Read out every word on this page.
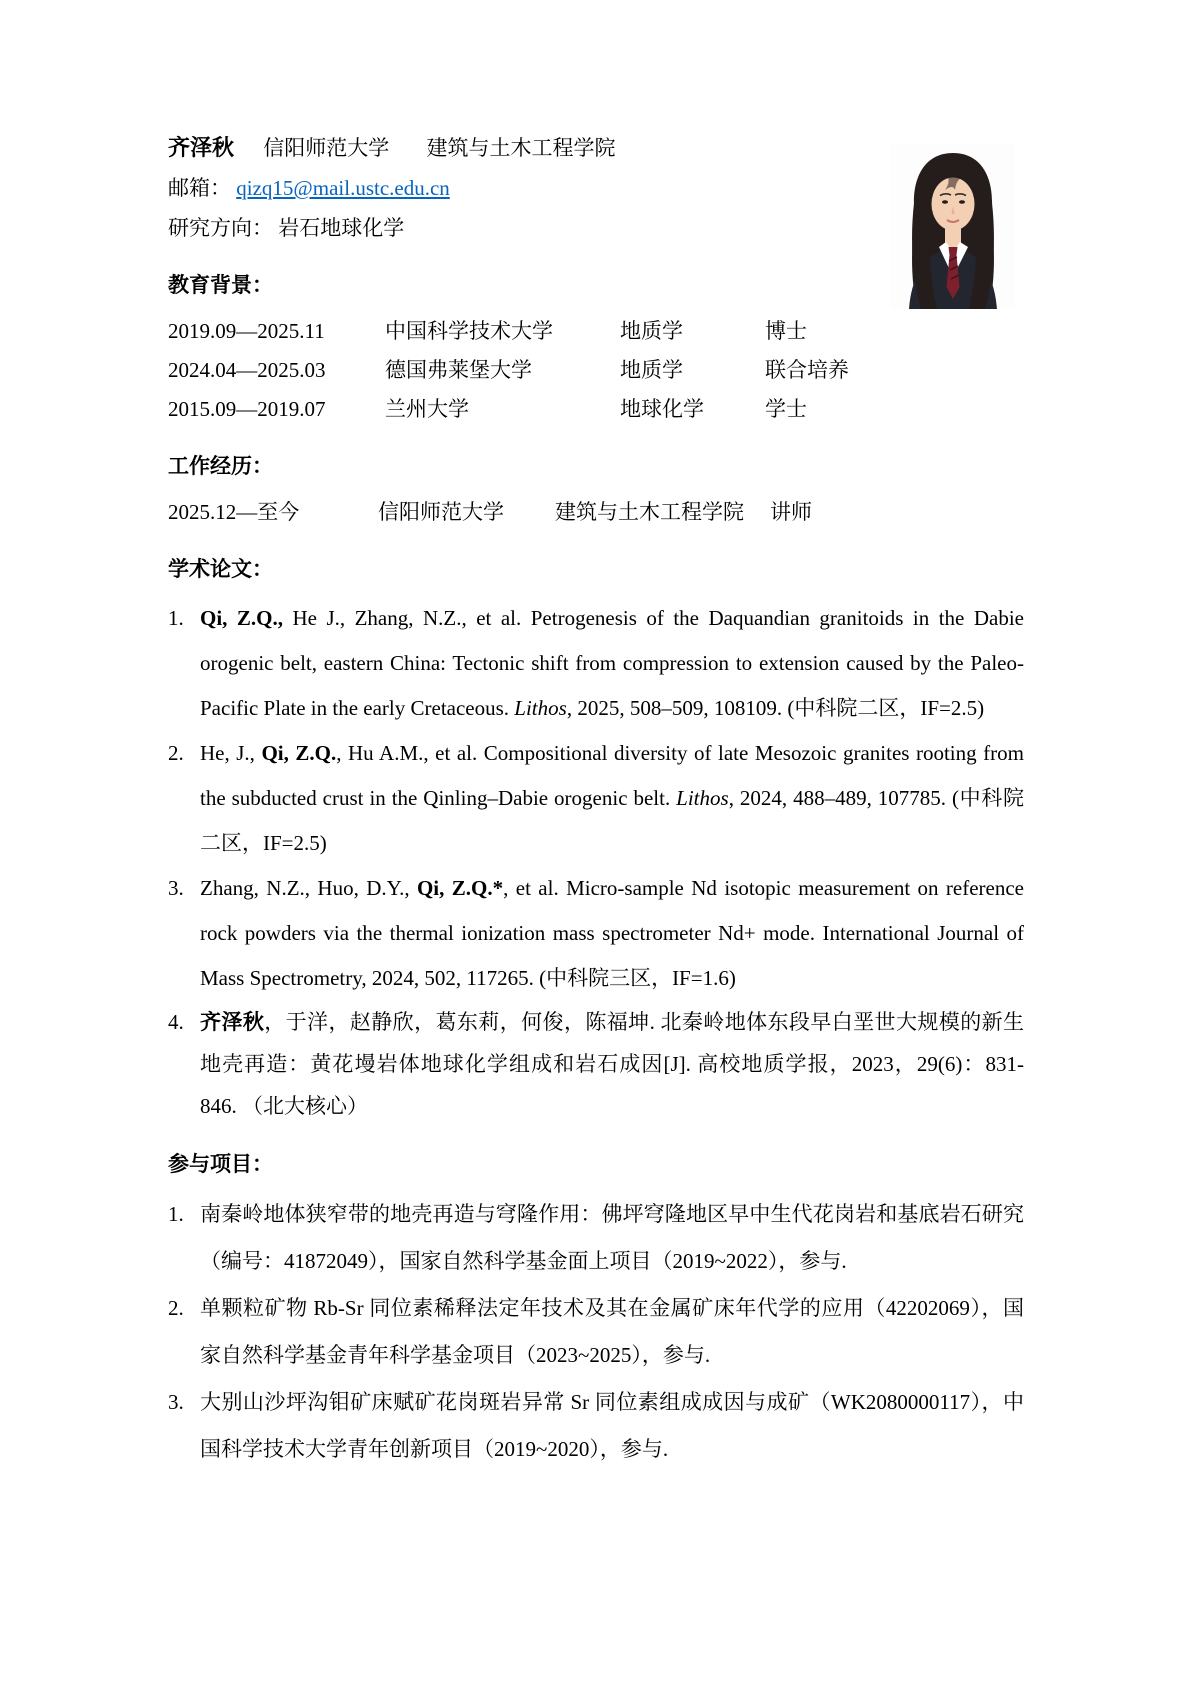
齐泽秋 信阳师范大学 建筑与土木工程学院

邮箱： qizq15@mail.ustc.edu.cn

研究方向： 岩石地球化学

教育背景：
2019.09—2025.11	中国科学技术大学	地质学	博士
2024.04—2025.03	德国弗莱堡大学	地质学	联合培养
2015.09—2019.07	兰州大学	地球化学	学士
工作经历：
2025.12—至今	信阳师范大学	建筑与土木工程学院	讲师
学术论文：
1. Qi, Z.Q., He J., Zhang, N.Z., et al. Petrogenesis of the Daquandian granitoids in the Dabie orogenic belt, eastern China: Tectonic shift from compression to extension caused by the Paleo-Pacific Plate in the early Cretaceous. Lithos, 2025, 508–509, 108109. (中科院二区，IF=2.5)

2. He, J., Qi, Z.Q., Hu A.M., et al. Compositional diversity of late Mesozoic granites rooting from the subducted crust in the Qinling–Dabie orogenic belt. Lithos, 2024, 488–489, 107785. (中科院二区，IF=2.5)

3. Zhang, N.Z., Huo, D.Y., Qi, Z.Q.*, et al. Micro-sample Nd isotopic measurement on reference rock powders via the thermal ionization mass spectrometer Nd+ mode. International Journal of Mass Spectrometry, 2024, 502, 117265. (中科院三区，IF=1.6)

4. 齐泽秋，于洋，赵静欣，葛东莉，何俊，陈福坤. 北秦岭地体东段早白垩世大规模的新生地壳再造：黄花墁岩体地球化学组成和岩石成因[J]. 高校地质学报，2023，29(6)：831-846. （北大核心）

参与项目：
1. 南秦岭地体狭窄带的地壳再造与穹隆作用：佛坪穹隆地区早中生代花岗岩和基底岩石研究（编号：41872049），国家自然科学基金面上项目（2019~2022），参与.

2. 单颗粒矿物 Rb-Sr 同位素稀释法定年技术及其在金属矿床年代学的应用（42202069），国家自然科学基金青年科学基金项目（2023~2025），参与.

3. 大别山沙坪沟钼矿床赋矿花岗斑岩异常 Sr 同位素组成成因与成矿（WK2080000117），中国科学技术大学青年创新项目（2019~2020），参与.
